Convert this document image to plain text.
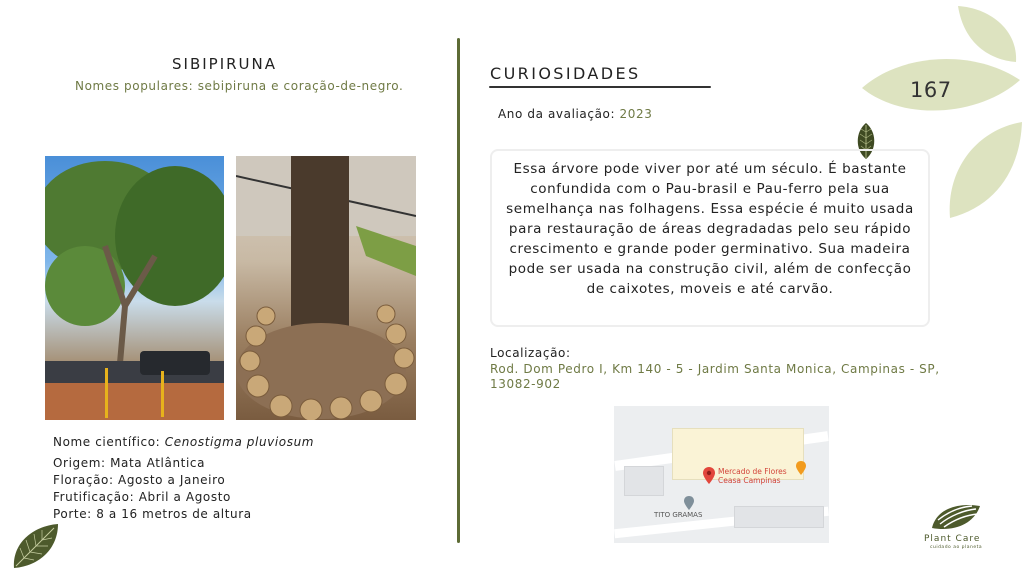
167
SIBIPIRUNA
Nomes populares: sebipiruna e coração-de-negro.
Nome científico: Cenostigma pluviosum
Origem: Mata Atlântica
Floração: Agosto a Janeiro
Frutificação: Abril a Agosto
Porte: 8 a 16 metros de altura
CURIOSIDADES
Ano da avaliação: 2023
Essa árvore pode viver por até um século. É bastante confundida com o Pau-brasil e Pau-ferro pela sua semelhança nas folhagens. Essa espécie é muito usada para restauração de áreas degradadas pelo seu rápido crescimento e grande poder germinativo. Sua madeira pode ser usada na construção civil, além de confecção de caixotes, moveis e até carvão.
Localização:
Rod. Dom Pedro I, Km 140 - 5 - Jardim Santa Monica, Campinas - SP, 13082-902
Mercado de Flores Ceasa Campinas
TITO GRAMAS
Plant Care
cuidado ao planeta
